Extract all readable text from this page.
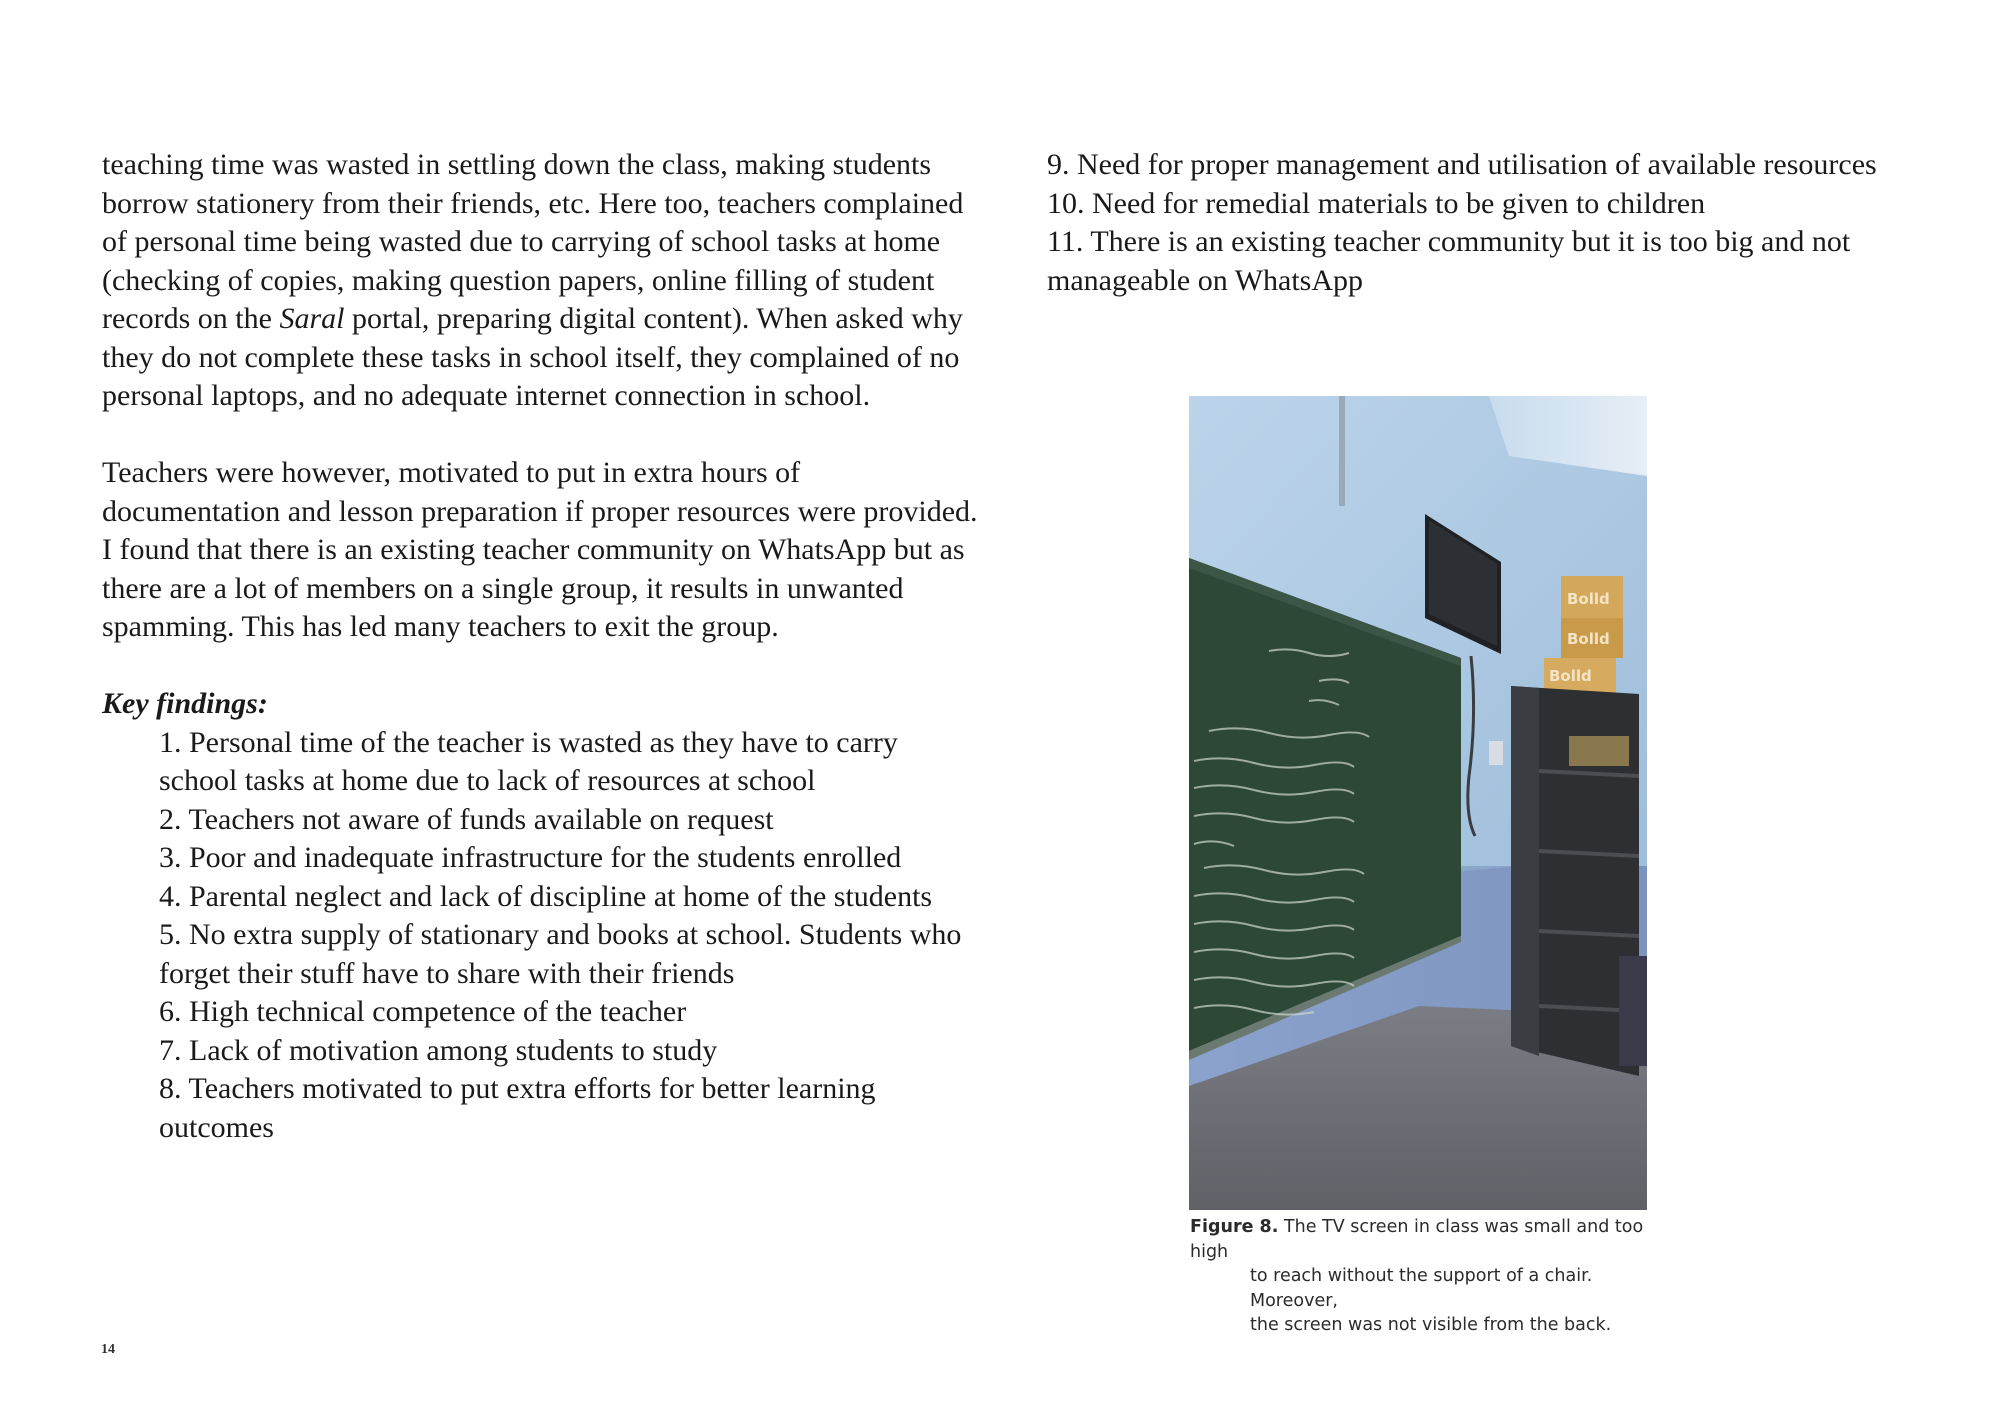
teaching time was wasted in settling down the class, making students borrow stationery from their friends, etc. Here too, teachers complained of personal time being wasted due to carrying of school tasks at home (checking of copies, making question papers, online filling of student records on the Saral portal, preparing digital content). When asked why they do not complete these tasks in school itself, they complained of no personal laptops, and no adequate internet connection in school.

Teachers were however, motivated to put in extra hours of documentation and lesson preparation if proper resources were provided. I found that there is an existing teacher community on WhatsApp but as there are a lot of members on a single group, it results in unwanted spamming. This has led many teachers to exit the group.

Key findings:

1. Personal time of the teacher is wasted as they have to carry school tasks at home due to lack of resources at school
2. Teachers not aware of funds available on request
3. Poor and inadequate infrastructure for the students enrolled
4. Parental neglect and lack of discipline at home of the students
5. No extra supply of stationary and books at school. Students who forget their stuff have to share with their friends
6. High technical competence of the teacher
7. Lack of motivation among students to study
8. Teachers motivated to put extra efforts for better learning outcomes
9. Need for proper management and utilisation of available resources
10. Need for remedial materials to be given to children
11. There is an existing teacher community but it is too big and not manageable on WhatsApp
Bolld
Bolld
Bolld
Figure 8. The TV screen in class was small and too high
to reach without the support of a chair. Moreover,
the screen was not visible from the back.
14
